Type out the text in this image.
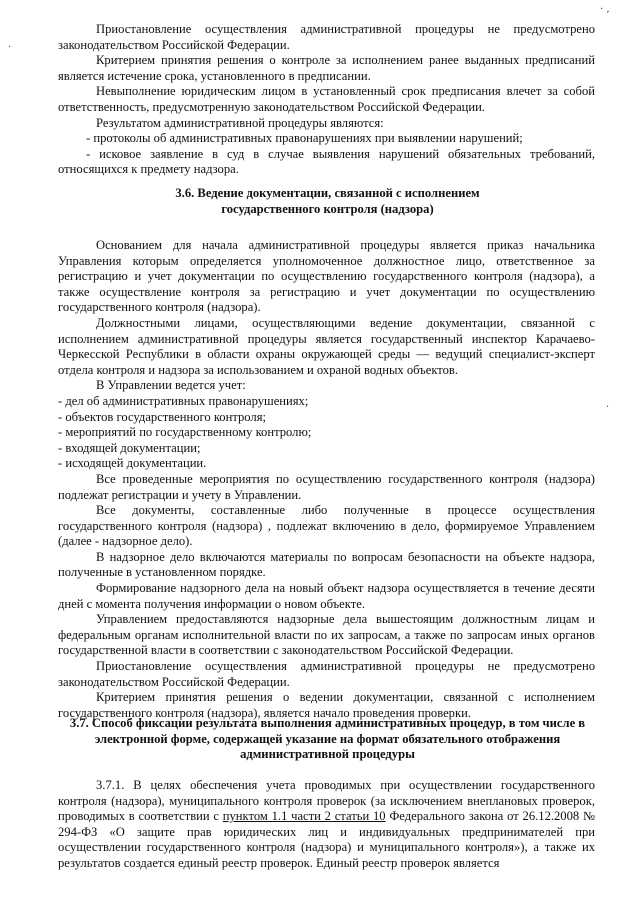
· ,
·
·

Приостановление осуществления административной процедуры не предусмотрено законодательством Российской Федерации.

Критерием принятия решения о контроле за исполнением ранее выданных предписаний является истечение срока, установленного в предписании.

Невыполнение юридическим лицом в установленный срок предписания влечет за собой ответственность, предусмотренную законодательством Российской Федерации.

Результатом административной процедуры являются:

- протоколы об административных правонарушениях при выявлении нарушений;

- исковое заявление в суд в случае выявления нарушений обязательных требований, относящихся к предмету надзора.

3.6. Ведение документации, связанной с исполнением
государственного контроля (надзора)

Основанием для начала административной процедуры является приказ начальника Управления которым определяется уполномоченное должностное лицо, ответственное за регистрацию и учет документации по осуществлению государственного контроля (надзора), а также осуществление контроля за регистрацию и учет документации по осуществлению государственного контроля (надзора).

Должностными лицами, осуществляющими ведение документации, связанной с исполнением административной процедуры является государственный инспектор Карачаево-Черкесской Республики в области охраны окружающей среды — ведущий специалист-эксперт отдела контроля и надзора за использованием и охраной водных объектов.

В Управлении ведется учет:

- дел об административных правонарушениях;

- объектов государственного контроля;

- мероприятий по государственному контролю;

- входящей документации;

- исходящей документации.

Все проведенные мероприятия по осуществлению государственного контроля (надзора) подлежат регистрации и учету в Управлении.

Все документы, составленные либо полученные в процессе осуществления государственного контроля (надзора) , подлежат включению в дело, формируемое Управлением (далее - надзорное дело).

В надзорное дело включаются материалы по вопросам безопасности на объекте надзора, полученные в установленном порядке.

Формирование надзорного дела на новый объект надзора осуществляется в течение десяти дней с момента получения информации о новом объекте.

Управлением предоставляются надзорные дела вышестоящим должностным лицам и федеральным органам исполнительной власти по их запросам, а также по запросам иных органов государственной власти в соответствии с законодательством Российской Федерации.

Приостановление осуществления административной процедуры не предусмотрено законодательством Российской Федерации.

Критерием принятия решения о ведении документации, связанной с исполнением государственного контроля (надзора), является начало проведения проверки.

3.7. Способ фиксации результата выполнения административных процедур, в том числе в
электронной форме, содержащей указание на формат обязательного отображения
административной процедуры

3.7.1. В целях обеспечения учета проводимых при осуществлении государственного контроля (надзора), муниципального контроля проверок (за исключением внеплановых проверок, проводимых в соответствии с пунктом 1.1 части 2 статьи 10 Федерального закона от 26.12.2008 № 294-ФЗ «О защите прав юридических лиц и индивидуальных предпринимателей при осуществлении государственного контроля (надзора) и муниципального контроля»), а также их результатов создается единый реестр проверок. Единый реестр проверок является
